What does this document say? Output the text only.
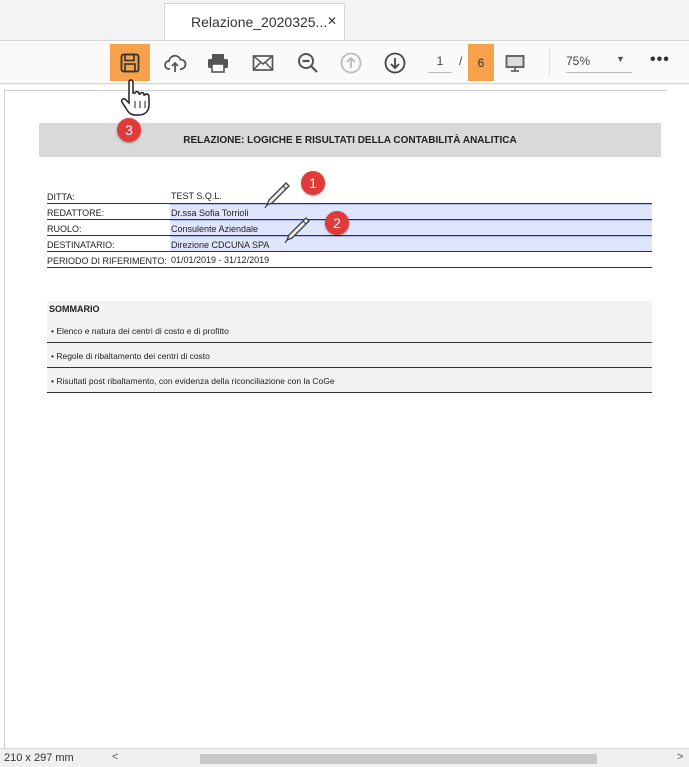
Relazione_2020325... ✕
1	/	6	75%	▼ •••
RELAZIONE: LOGICHE E RISULTATI DELLA CONTABILITÀ ANALITICA
DITTA:	TEST S.Q.L.
REDATTORE:	Dr.ssa Sofia Torrioli
RUOLO:	Consulente Aziendale
DESTINATARIO:	Direzione CDCUNA SPA
PERIODO DI RIFERIMENTO: 01/01/2019 - 31/12/2019
SOMMARIO
• Elenco e natura dei centri di costo e di profitto
• Regole di ribaltamento dei centri di costo
• Risultati post ribaltamento, con evidenza della riconciliazione con la CoGe
1
2
3
210 x 297 mm	<	>
